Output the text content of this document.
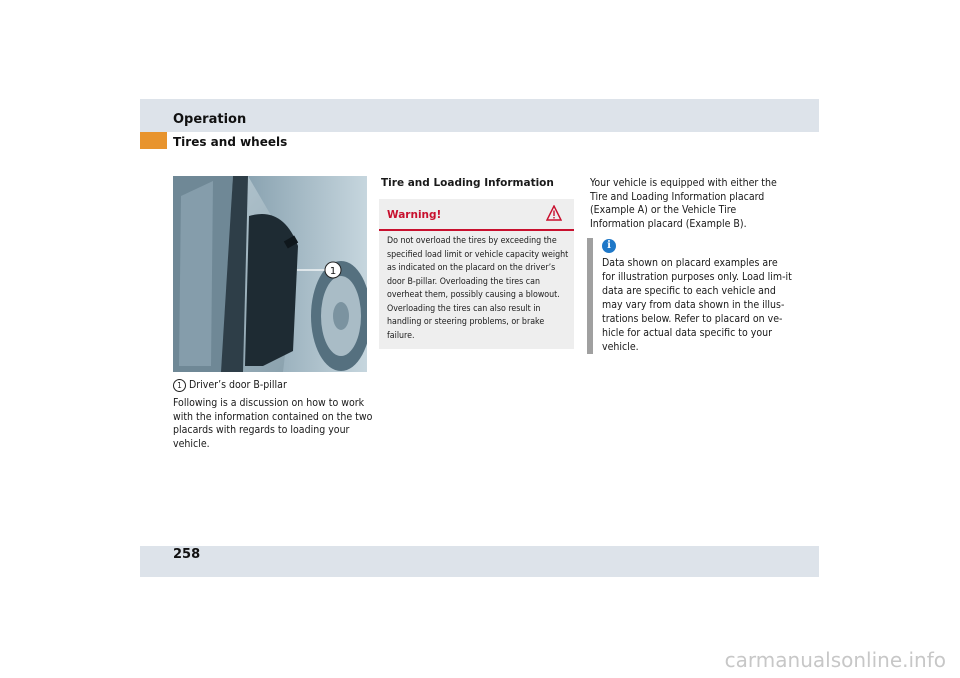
Operation
Tires and wheels
1
1 Driver’s door B-pillar
Following is a discussion on how to work with the information contained on the two placards with regards to loading your vehicle.
Tire and Loading Information
Warning!
Do not overload the tires by exceeding the specified load limit or vehicle capacity weight as indicated on the placard on the driver’s door B-pillar. Overloading the tires can overheat them, possibly causing a blowout. Overloading the tires can also result in handling or steering problems, or brake failure.
Your vehicle is equipped with either the Tire and Loading Information placard (Example A) or the Vehicle Tire Information placard (Example B).
i
Data shown on placard examples are for illustration purposes only. Load lim-it data are specific to each vehicle and may vary from data shown in the illus-trations below. Refer to placard on ve-hicle for actual data specific to your vehicle.
258
carmanualsonline.info
